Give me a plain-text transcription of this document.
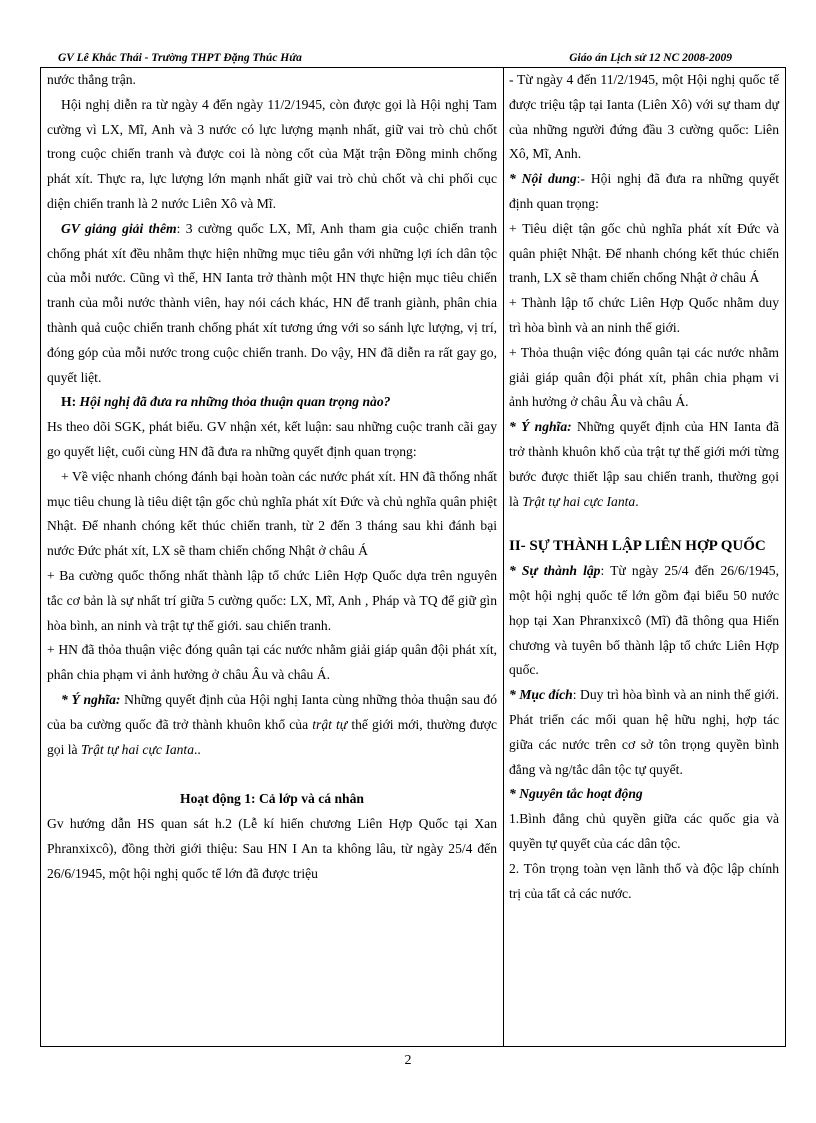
GV Lê Khắc Thái - Trường THPT Đặng Thúc Hứa	Giáo án Lịch sử 12 NC 2008-2009

nước thắng trận.

Hội nghị diễn ra từ ngày 4 đến ngày 11/2/1945, còn được gọi là Hội nghị Tam cường vì LX, Mĩ, Anh và 3 nước có lực lượng mạnh nhất, giữ vai trò chủ chốt trong cuộc chiến tranh và được coi là nòng cốt của Mặt trận Đồng minh chống phát xít. Thực ra, lực lượng lớn mạnh nhất giữ vai trò chủ chốt và chi phối cục diện chiến tranh là 2 nước Liên Xô và Mĩ.

GV giảng giải thêm: 3 cường quốc LX, Mĩ, Anh tham gia cuộc chiến tranh chống phát xít đều nhằm thực hiện những mục tiêu gắn với những lợi ích dân tộc của mỗi nước. Cũng vì thế, HN Ianta trở thành một HN thực hiện mục tiêu chiến tranh của mỗi nước thành viên, hay nói cách khác, HN để tranh giành, phân chia thành quả cuộc chiến tranh chống phát xít tương ứng với so sánh lực lượng, vị trí, đóng góp của mỗi nước trong cuộc chiến tranh. Do vậy, HN đã diễn ra rất gay go, quyết liệt.

H: Hội nghị đã đưa ra những thỏa thuận quan trọng nào?

Hs theo dõi SGK, phát biểu. GV nhận xét, kết luận: sau những cuộc tranh cãi gay go quyết liệt, cuối cùng HN đã đưa ra những quyết định quan trọng:

+ Về việc nhanh chóng đánh bại hoàn toàn các nước phát xít. HN đã thống nhất mục tiêu chung là tiêu diệt tận gốc chủ nghĩa phát xít Đức và chủ nghĩa quân phiệt Nhật. Để nhanh chóng kết thúc chiến tranh, từ 2 đến 3 tháng sau khi đánh bại nước Đức phát xít, LX sẽ tham chiến chống Nhật ở châu Á

+ Ba cường quốc thống nhất thành lập tổ chức Liên Hợp Quốc dựa trên nguyên tắc cơ bản là sự nhất trí giữa 5 cường quốc: LX, Mĩ, Anh , Pháp và TQ để giữ gìn hòa bình, an ninh và trật tự thế giới. sau chiến tranh.

+ HN đã thỏa thuận việc đóng quân tại các nước nhằm giải giáp quân đội phát xít, phân chia phạm vi ảnh hưởng ở châu Âu và châu Á.

* Ý nghĩa: Những quyết định của Hội nghị Ianta cùng những thỏa thuận sau đó của ba cường quốc đã trở thành khuôn khổ của trật tự thế giới mới, thường được gọi là Trật tự hai cực Ianta..

Hoạt động 1: Cả lớp và cá nhân

Gv hướng dẫn HS quan sát h.2 (Lễ kí hiến chương Liên Hợp Quốc tại Xan Phranxixcô), đồng thời giới thiệu: Sau HN I An ta không lâu, từ ngày 25/4 đến 26/6/1945, một hội nghị quốc tế lớn đã được triệu

- Từ ngày 4 đến 11/2/1945, một Hội nghị quốc tế được triệu tập tại Ianta (Liên Xô) với sự tham dự của những người đứng đầu 3 cường quốc: Liên Xô, Mĩ, Anh.

* Nội dung:- Hội nghị đã đưa ra những quyết định quan trọng:

+ Tiêu diệt tận gốc chủ nghĩa phát xít Đức và quân phiệt Nhật. Để nhanh chóng kết thúc chiến tranh, LX sẽ tham chiến chống Nhật ở châu Á

+ Thành lập tổ chức Liên Hợp Quốc nhằm duy trì hòa bình và an ninh thế giới.

+ Thỏa thuận việc đóng quân tại các nước nhằm giải giáp quân đội phát xít, phân chia phạm vi ảnh hưởng ở châu Âu và châu Á.

* Ý nghĩa: Những quyết định của HN Ianta đã trở thành khuôn khổ của trật tự thế giới mới từng bước được thiết lập sau chiến tranh, thường gọi là Trật tự hai cực Ianta.

II- SỰ THÀNH LẬP LIÊN HỢP QUỐC

* Sự thành lập: Từ ngày 25/4 đến 26/6/1945, một hội nghị quốc tế lớn gồm đại biểu 50 nước họp tại Xan Phranxixcô (Mĩ) đã thông qua Hiến chương và tuyên bố thành lập tổ chức Liên Hợp quốc.

* Mục đích: Duy trì hòa bình và an ninh thế giới. Phát triển các mối quan hệ hữu nghị, hợp tác giữa các nước trên cơ sở tôn trọng quyền bình đẳng và ng/tắc dân tộc tự quyết.

* Nguyên tắc hoạt động

1.Bình đẳng chủ quyền giữa các quốc gia và quyền tự quyết của các dân tộc.

2. Tôn trọng toàn vẹn lãnh thổ và độc lập chính trị của tất cả các nước.

2
